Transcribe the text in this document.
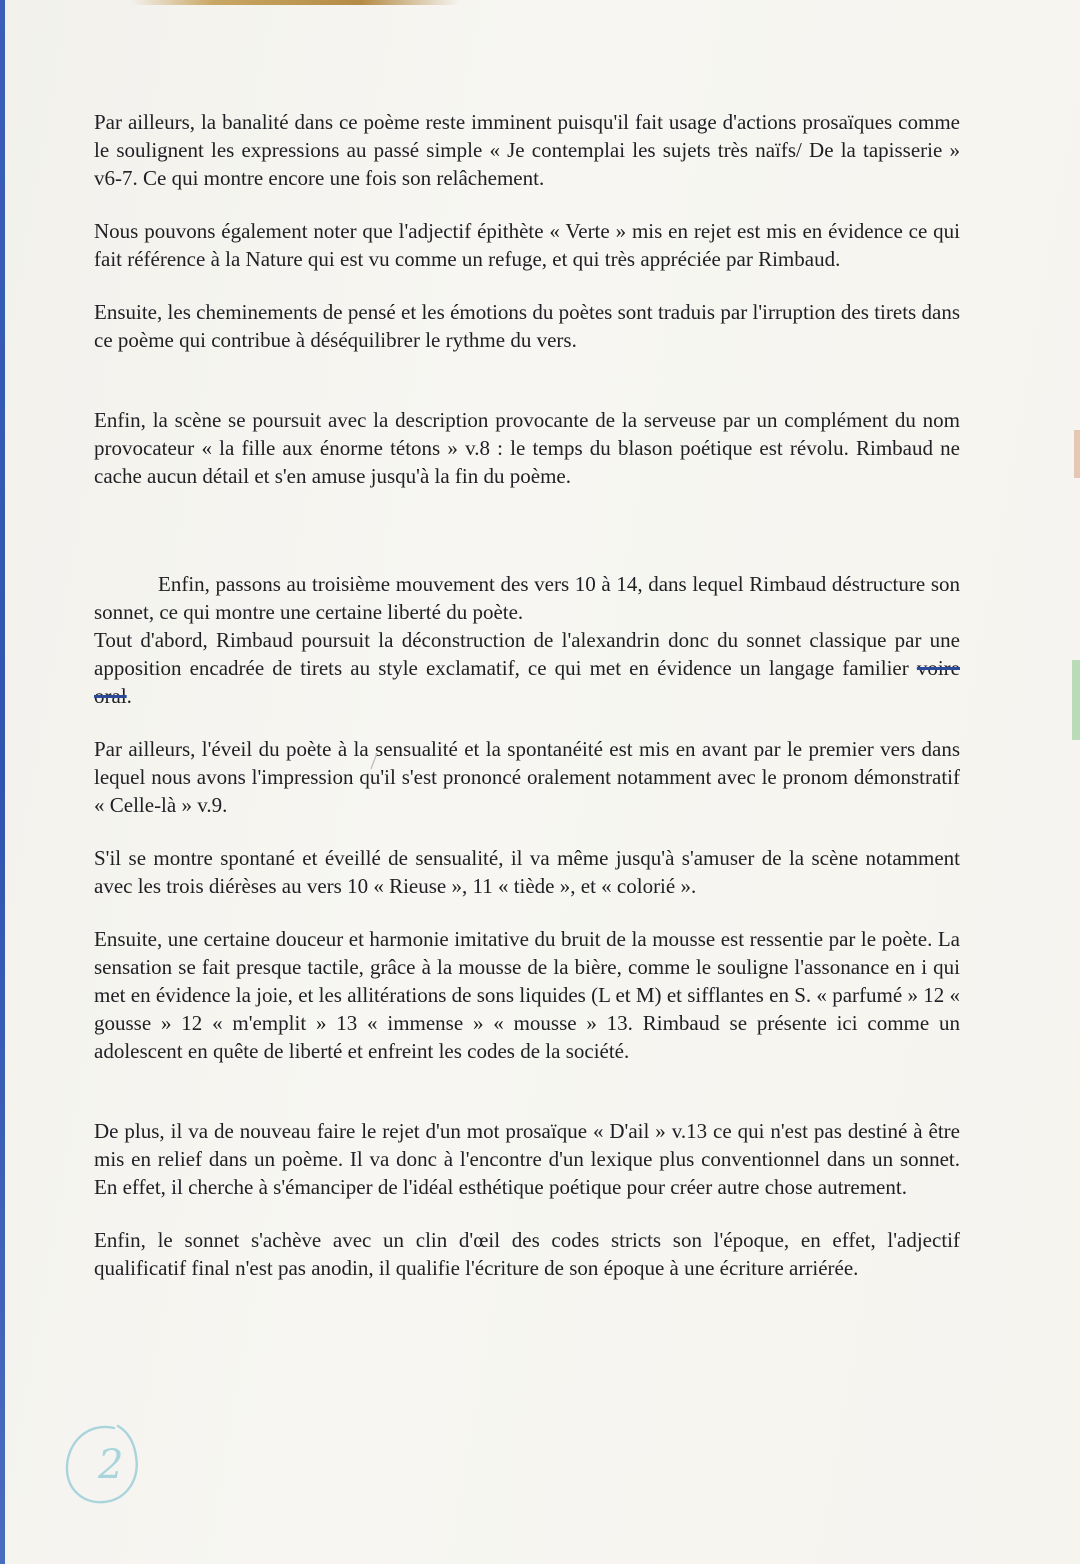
Par ailleurs, la banalité dans ce poème reste imminent puisqu'il fait usage d'actions prosaïques comme le soulignent les expressions au passé simple « Je contemplai les sujets très naïfs/ De la tapisserie » v6-7. Ce qui montre encore une fois son relâchement.

Nous pouvons également noter que l'adjectif épithète « Verte » mis en rejet est mis en évidence ce qui fait référence à la Nature qui est vu comme un refuge, et qui très appréciée par Rimbaud.

Ensuite, les cheminements de pensé et les émotions du poètes sont traduis par l'irruption des tirets dans ce poème qui contribue à déséquilibrer le rythme du vers.

Enfin, la scène se poursuit avec la description provocante de la serveuse par un complément du nom provocateur « la fille aux énorme tétons » v.8 : le temps du blason poétique est révolu. Rimbaud ne cache aucun détail et s'en amuse jusqu'à la fin du poème.

Enfin, passons au troisième mouvement des vers 10 à 14, dans lequel Rimbaud déstructure son sonnet, ce qui montre une certaine liberté du poète.

Tout d'abord, Rimbaud poursuit la déconstruction de l'alexandrin donc du sonnet classique par une apposition encadrée de tirets au style exclamatif, ce qui met en évidence un langage familier voire oral.

Par ailleurs, l'éveil du poète à la sensualité et la spontanéité est mis en avant par le premier vers dans lequel nous avons l'impression qu'il s'est prononcé oralement notamment avec le pronom démonstratif « Celle-là » v.9.

S'il se montre spontané et éveillé de sensualité, il va même jusqu'à s'amuser de la scène notamment avec les trois diérèses au vers 10 « Rieuse », 11 « tiède », et « colorié ».

Ensuite, une certaine douceur et harmonie imitative du bruit de la mousse est ressentie par le poète. La sensation se fait presque tactile, grâce à la mousse de la bière, comme le souligne l'assonance en i qui met en évidence la joie, et les allitérations de sons liquides (L et M) et sifflantes en S. « parfumé » 12 « gousse » 12 « m'emplit » 13 « immense » « mousse » 13. Rimbaud se présente ici comme un adolescent en quête de liberté et enfreint les codes de la société.

De plus, il va de nouveau faire le rejet d'un mot prosaïque « D'ail » v.13 ce qui n'est pas destiné à être mis en relief dans un poème. Il va donc à l'encontre d'un lexique plus conventionnel dans un sonnet. En effet, il cherche à s'émanciper de l'idéal esthétique poétique pour créer autre chose autrement.

Enfin, le sonnet s'achève avec un clin d'œil des codes stricts son l'époque, en effet, l'adjectif qualificatif final n'est pas anodin, il qualifie l'écriture de son époque à une écriture arriérée.

2
